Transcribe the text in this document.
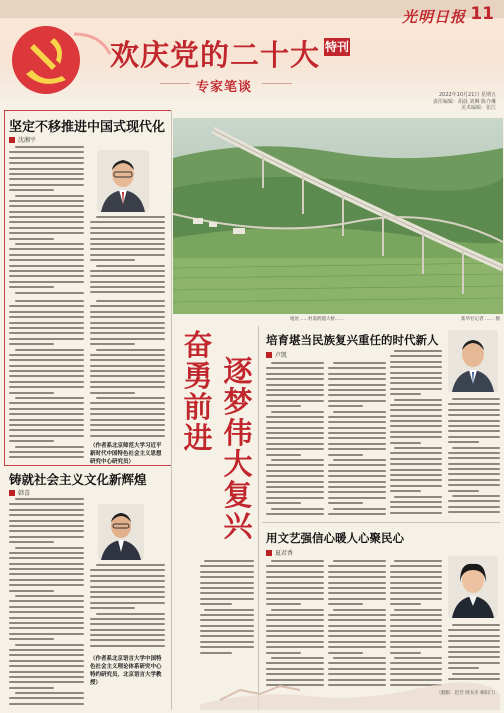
光明日报 11
欢庆党的二十大 特刊
专家笔谈	2022年10月21日 星期五
责任编辑：胡晨 刘琳 陈介琳
美术编辑：张江
坚定不移推进中国式现代化
沈湘平
（作者系北京师范大学习近平新时代中国特色社会主义思想研究中心研究员）
铸就社会主义文化新辉煌
韩喜
（作者系北京语言大学中国特色社会主义理论体系研究中心特约研究员、北京语言大学教授）
地处……村落跨越大桥……	新华社记者 …… 摄
奋勇前进
逐梦伟大复兴
培育堪当民族复兴重任的时代新人
卢凯
用文艺强信心暖人心聚民心
夏君香
（翻版：赵芳 荆书杰 朝阳门）
